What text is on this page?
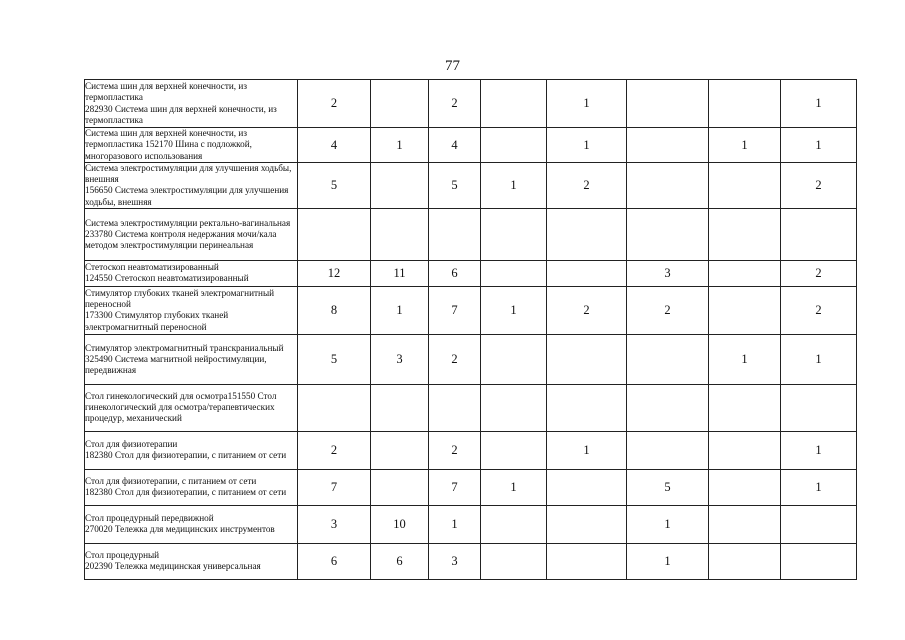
77
Система шин для верхней конечности, из термопластика
282930 Система шин для верхней конечности, из термопластика	2		2		1			1
Система шин для верхней конечности, из термопластика 152170 Шина с подложкой, многоразового использования	4	1	4		1		1	1
Система электростимуляции для улучшения ходьбы, внешняя
156650 Система электростимуляции для улучшения ходьбы, внешняя	5		5	1	2			2
Система электростимуляции ректально-вагинальная 233780 Система контроля недержания мочи/кала методом электростимуляции перинеальная								
Стетоскоп неавтоматизированный
124550 Стетоскоп неавтоматизированный	12	11	6			3		2
Стимулятор глубоких тканей электромагнитный переносной
173300 Стимулятор глубоких тканей электромагнитный переносной	8	1	7	1	2	2		2
Стимулятор электромагнитный транскраниальный
325490 Система магнитной нейростимуляции, передвижная	5	3	2				1	1
Стол гинекологический для осмотра151550 Стол гинекологический для осмотра/терапевтических процедур, механический								
Стол для физиотерапии
182380 Стол для физиотерапии, с питанием от сети	2		2		1			1
Стол для физиотерапии, с питанием от сети
182380 Стол для физиотерапии, с питанием от сети	7		7	1		5		1
Стол процедурный передвижной
270020 Тележка для медицинских инструментов	3	10	1			1		
Стол процедурный
202390 Тележка медицинская универсальная	6	6	3			1		
